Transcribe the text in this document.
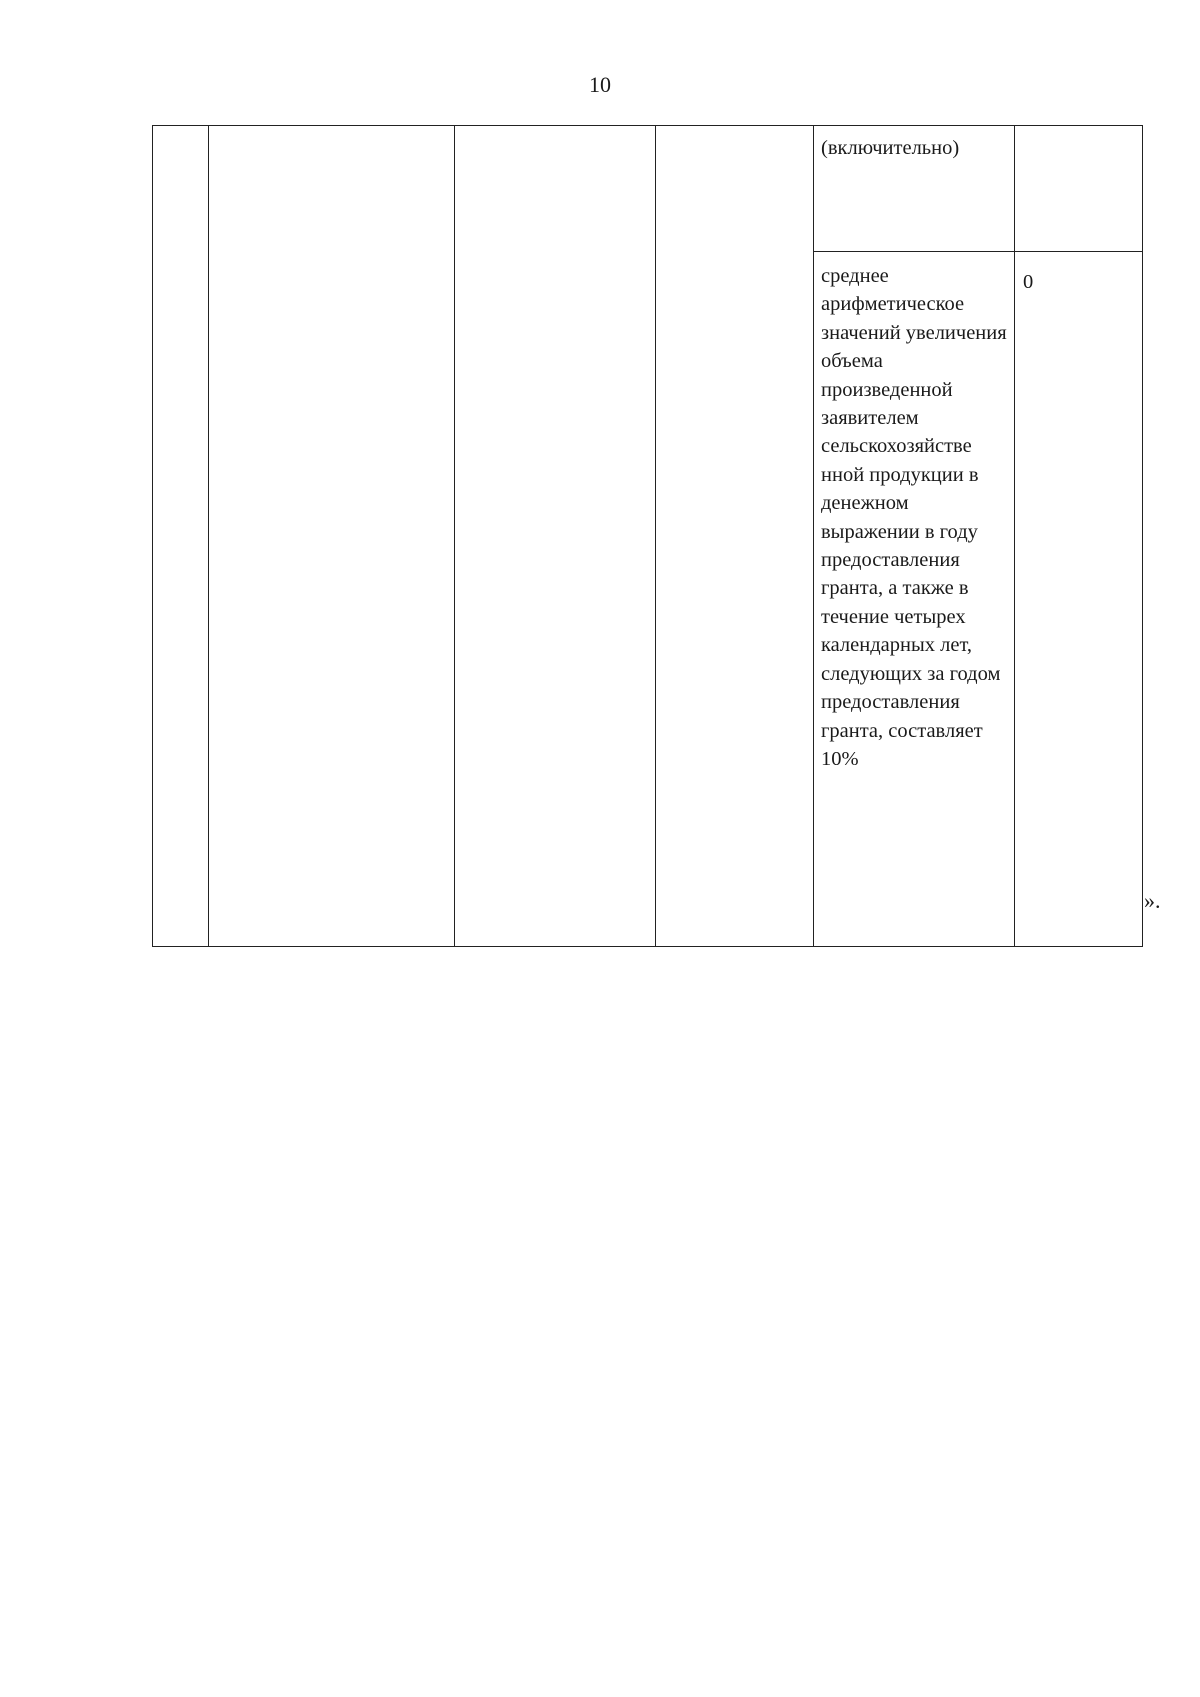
10
				(включительно)	
				среднее арифметическое значений увеличения объема произведенной заявителем сельскохозяйстве нной продукции в денежном выражении в году предоставления гранта, а также в течение четырех календарных лет, следующих за годом предоставления гранта, составляет 10%	0
».
